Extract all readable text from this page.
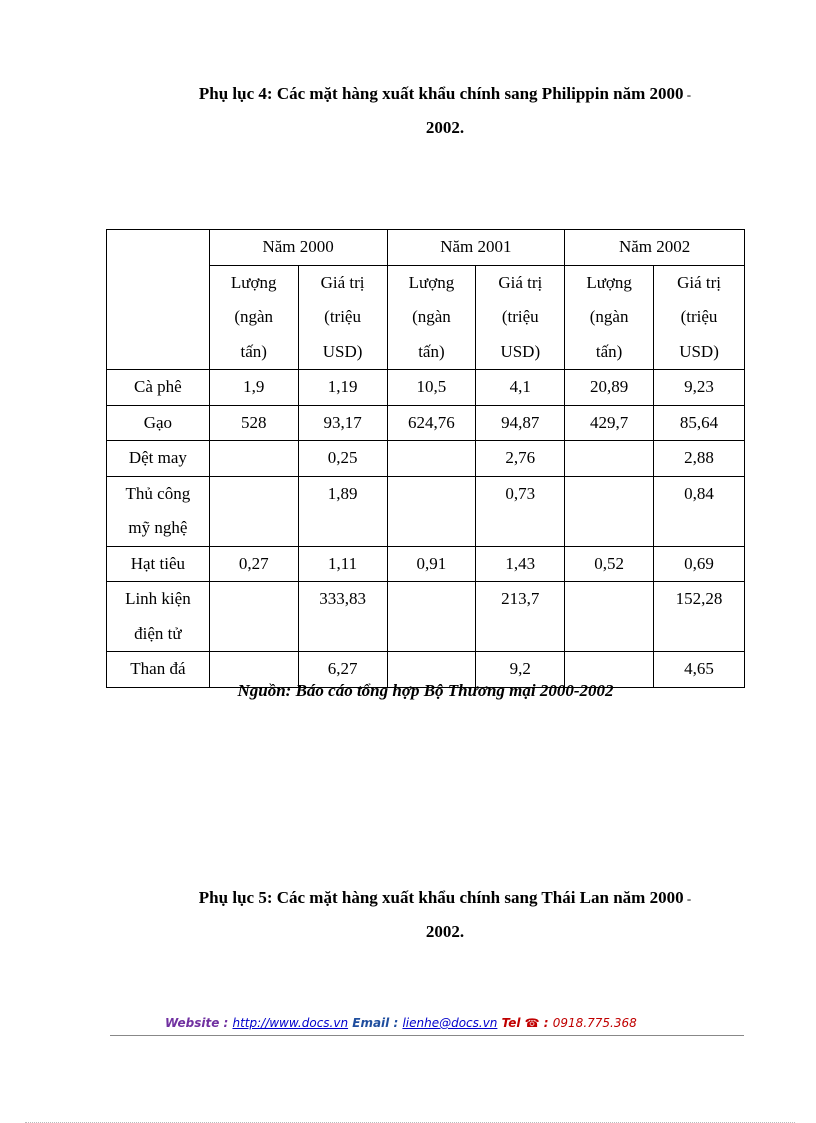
Phụ lục 4: Các mặt hàng xuất khẩu chính sang Philippin năm 2000 -
2002.
	Năm 2000		Năm 2001		Năm 2002	

	Lượng
(ngàn
tấn)	Giá trị
(triệu
USD)	Lượng
(ngàn
tấn)	Giá trị
(triệu
USD)	Lượng
(ngàn
tấn)	Giá trị
(triệu
USD)

Cà phê	1,9	1,19	10,5	4,1	20,89	9,23

Gạo	528	93,17	624,76	94,87	429,7	85,64

Dệt may		0,25		2,76		2,88

Thủ công
mỹ nghệ		1,89		0,73		0,84

Hạt tiêu	0,27	1,11	0,91	1,43	0,52	0,69

Linh kiện
điện tử		333,83		213,7		152,28

Than đá		6,27		9,2		4,65
Nguồn: Báo cáo tổng hợp Bộ Thương mại 2000-2002
Phụ lục 5: Các mặt hàng xuất khẩu chính sang Thái Lan năm 2000 -
2002.
Website : http://www.docs.vn Email : lienhe@docs.vn Tel ☎ : 0918.775.368
